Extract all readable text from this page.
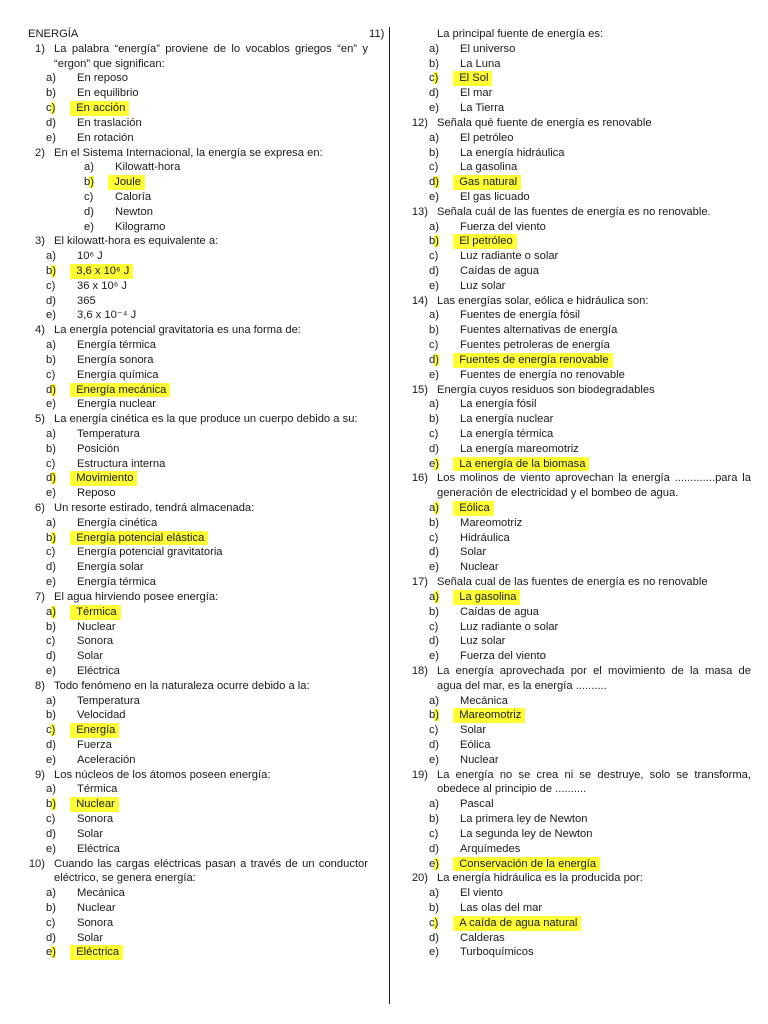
11)
ENERGÍA
1) La palabra “energía” proviene de lo vocablos griegos “en” y “ergon” que significan:
a)	En reposo
b)	En equilibrio
c)	En acción
d)	En traslación
e)	En rotación
2) En el Sistema Internacional, la energía se expresa en:
a)	Kilowatt-hora
b)	Joule
c)	Caloría
d)	Newton
e)	Kilogramo
3) El kilowatt-hora es equivalente a:
a)	10⁶ J
b)	3,6 x 10⁶ J
c)	36 x 10⁶ J
d)	365
e)	3,6 x 10⁻⁴ J
4) La energía potencial gravitatoria es una forma de:
a)	Energía térmica
b)	Energía sonora
c)	Energía química
d)	Energía mecánica
e)	Energía nuclear
5) La energía cinética es la que produce un cuerpo debido a su:
a)	Temperatura
b)	Posición
c)	Estructura interna
d)	Movimiento
e)	Reposo
6) Un resorte estirado, tendrá almacenada:
a)	Energía cinética
b)	Energía potencial elástica
c)	Energía potencial gravitatoria
d)	Energía solar
e)	Energía térmica
7) El agua hirviendo posee energía:
a)	Térmica
b)	Nuclear
c)	Sonora
d)	Solar
e)	Eléctrica
8) Todo fenómeno en la naturaleza ocurre debido a la:
a)	Temperatura
b)	Velocidad
c)	Energía
d)	Fuerza
e)	Aceleración
9) Los núcleos de los átomos poseen energía:
a)	Térmica
b)	Nuclear
c)	Sonora
d)	Solar
e)	Eléctrica
10) Cuando las cargas eléctricas pasan a través de un conductor eléctrico, se genera energía:
a)	Mecánica
b)	Nuclear
c)	Sonora
d)	Solar
e)	Eléctrica
La principal fuente de energía es:
a)	El universo
b)	La Luna
c)	El Sol
d)	El mar
e)	La Tierra
12) Señala qué fuente de energía es renovable
a)	El petróleo
b)	La energía hidráulica
c)	La gasolina
d)	Gas natural
e)	El gas licuado
13) Señala cuál de las fuentes de energía es no renovable.
a)	Fuerza del viento
b)	El petróleo
c)	Luz radiante o solar
d)	Caídas de agua
e)	Luz solar
14) Las energías solar, eólica e hidráulica son:
a)	Fuentes de energía fósil
b)	Fuentes alternativas de energía
c)	Fuentes petroleras de energía
d)	Fuentes de energía renovable
e)	Fuentes de energía no renovable
15) Energía cuyos residuos son biodegradables
a)	La energía fósil
b)	La energía nuclear
c)	La energía térmica
d)	La energía mareomotriz
e)	La energía de la biomasa
16) Los molinos de viento aprovechan la energía .............para la generación de electricidad y el bombeo de agua.
a)	Eólica
b)	Mareomotriz
c)	Hidráulica
d)	Solar
e)	Nuclear
17) Señala cual de las fuentes de energía es no renovable
a)	La gasolina
b)	Caídas de agua
c)	Luz radiante o solar
d)	Luz solar
e)	Fuerza del viento
18) La energía aprovechada por el movimiento de la masa de agua del mar, es la energía ..........
a)	Mecánica
b)	Mareomotriz
c)	Solar
d)	Eólica
e)	Nuclear
19) La energía no se crea ni se destruye, solo se transforma, obedece al principio de ..........
a)	Pascal
b)	La primera ley de Newton
c)	La segunda ley de Newton
d)	Arquímedes
e)	Conservación de la energía
20) La energía hidráulica es la producida por:
a)	El viento
b)	Las olas del mar
c)	A caída de agua natural
d)	Calderas
e)	Turboquímicos
